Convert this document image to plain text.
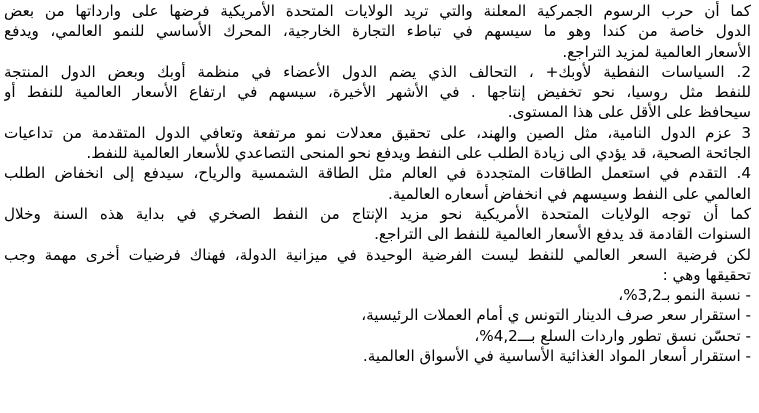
كما أن حرب الرسوم الجمركية المعلنة والتي تريد الولايات المتحدة الأمريكية فرضها على وارداتها من بعض
الدول خاصة من كندا وهو ما سيسهم في تباطء التجارة الخارجية، المحرك الأساسي للنمو العالمي، ويدفع
الأسعار العالمية لمزيد التراجع.
2. السياسات النفطية لأوبك+ ، التحالف الذي يضم الدول الأعضاء في منظمة أوبك وبعض الدول المنتجة
للنفط مثل روسيا، نحو تخفيض إنتاجها . في الأشهر الأخيرة، سيسهم في ارتفاع الأسعار العالمية للنفط أو
سيحافظ على الأقل على هذا المستوى.
3 عزم الدول النامية، مثل الصين والهند، على تحقيق معدلات نمو مرتفعة وتعافي الدول المتقدمة من تداعيات
الجائحة الصحية، قد يؤدي الى زيادة الطلب على النفط ويدفع نحو المنحى التصاعدي للأسعار العالمية للنفط.
4. التقدم في استعمل الطاقات المتجددة في العالم مثل الطاقة الشمسية والرياح، سيدفع إلى انخفاض الطلب
العالمي على النفط وسيسهم في انخفاض أسعاره العالمية.
كما أن توجه الولايات المتحدة الأمريكية نحو مزيد الإنتاج من النفط الصخري في بداية هذه السنة وخلال
السنوات القادمة قد يدفع الأسعار العالمية للنفط الى التراجع.
لكن فرضية السعر العالمي للنفط ليست الفرضية الوحيدة في ميزانية الدولة، فهناك فرضيات أخرى مهمة وجب
تحقيقها وهي :
- نسبة النمو بـ3,2%،
- استقرار سعر صرف الدينار التونس ي أمام العملات الرئيسية،
- تحسّن نسق تطور واردات السلع بـــ4,2%،
- استقرار أسعار المواد الغذائية الأساسية في الأسواق العالمية.
